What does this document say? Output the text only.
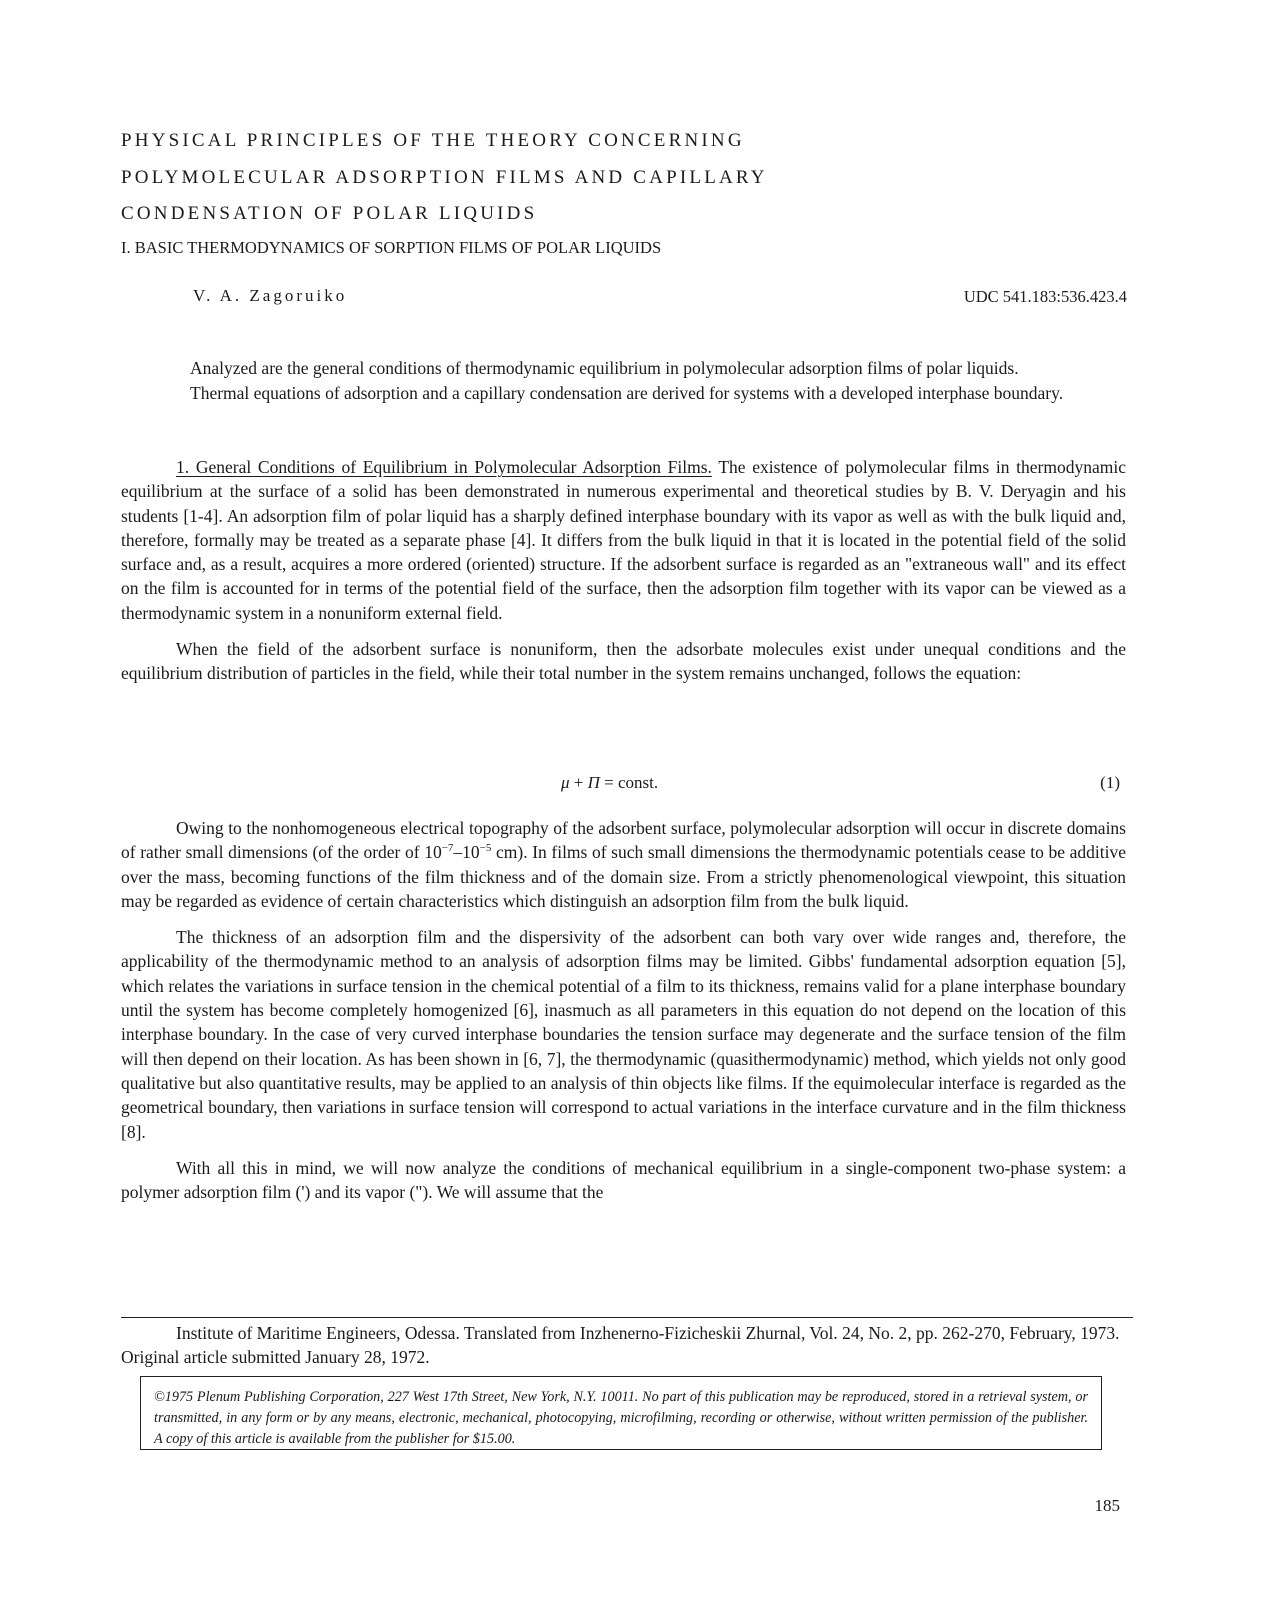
PHYSICAL PRINCIPLES OF THE THEORY CONCERNING
POLYMOLECULAR ADSORPTION FILMS AND CAPILLARY
CONDENSATION OF POLAR LIQUIDS
I. BASIC THERMODYNAMICS OF SORPTION FILMS OF POLAR LIQUIDS
V. A. Zagoruiko	UDC 541.183:536.423.4
Analyzed are the general conditions of thermodynamic equilibrium in polymolecular adsorption films of polar liquids. Thermal equations of adsorption and a capillary condensation are derived for systems with a developed interphase boundary.

1. General Conditions of Equilibrium in Polymolecular Adsorption Films. The existence of polymolecular films in thermodynamic equilibrium at the surface of a solid has been demonstrated in numerous experimental and theoretical studies by B. V. Deryagin and his students [1-4]. An adsorption film of polar liquid has a sharply defined interphase boundary with its vapor as well as with the bulk liquid and, therefore, formally may be treated as a separate phase [4]. It differs from the bulk liquid in that it is located in the potential field of the solid surface and, as a result, acquires a more ordered (oriented) structure. If the adsorbent surface is regarded as an "extraneous wall" and its effect on the film is accounted for in terms of the potential field of the surface, then the adsorption film together with its vapor can be viewed as a thermodynamic system in a nonuniform external field.

When the field of the adsorbent surface is nonuniform, then the adsorbate molecules exist under unequal conditions and the equilibrium distribution of particles in the field, while their total number in the system remains unchanged, follows the equation:

μ + Π = const.	(1)

Owing to the nonhomogeneous electrical topography of the adsorbent surface, polymolecular adsorption will occur in discrete domains of rather small dimensions (of the order of $10^{-7}-10^{-5}$ cm). In films of such small dimensions the thermodynamic potentials cease to be additive over the mass, becoming functions of the film thickness and of the domain size. From a strictly phenomenological viewpoint, this situation may be regarded as evidence of certain characteristics which distinguish an adsorption film from the bulk liquid.

The thickness of an adsorption film and the dispersivity of the adsorbent can both vary over wide ranges and, therefore, the applicability of the thermodynamic method to an analysis of adsorption films may be limited. Gibbs' fundamental adsorption equation [5], which relates the variations in surface tension in the chemical potential of a film to its thickness, remains valid for a plane interphase boundary until the system has become completely homogenized [6], inasmuch as all parameters in this equation do not depend on the location of this interphase boundary. In the case of very curved interphase boundaries the tension surface may degenerate and the surface tension of the film will then depend on their location. As has been shown in [6, 7], the thermodynamic (quasithermodynamic) method, which yields not only good qualitative but also quantitative results, may be applied to an analysis of thin objects like films. If the equimolecular interface is regarded as the geometrical boundary, then variations in surface tension will correspond to actual variations in the interface curvature and in the film thickness [8].

With all this in mind, we will now analyze the conditions of mechanical equilibrium in a single-component two-phase system: a polymer adsorption film (') and its vapor ("). We will assume that the

Institute of Maritime Engineers, Odessa. Translated from Inzhenerno-Fizicheskii Zhurnal, Vol. 24, No. 2, pp. 262-270, February, 1973. Original article submitted January 28, 1972.

©1975 Plenum Publishing Corporation, 227 West 17th Street, New York, N.Y. 10011. No part of this publication may be reproduced, stored in a retrieval system, or transmitted, in any form or by any means, electronic, mechanical, photocopying, microfilming, recording or otherwise, without written permission of the publisher. A copy of this article is available from the publisher for $15.00.

185
